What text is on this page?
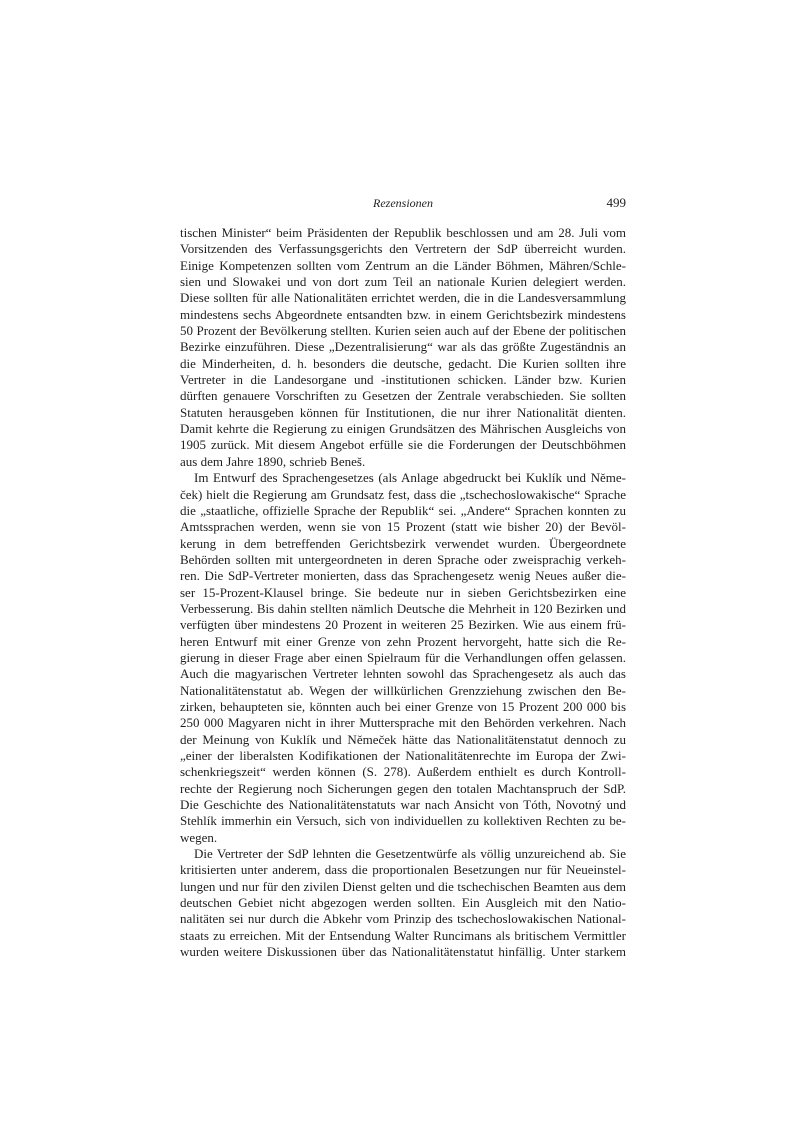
Rezensionen	499
tischen Minister“ beim Präsidenten der Republik beschlossen und am 28. Juli vom
Vorsitzenden des Verfassungsgerichts den Vertretern der SdP überreicht wurden.
Einige Kompetenzen sollten vom Zentrum an die Länder Böhmen, Mähren/Schle-
sien und Slowakei und von dort zum Teil an nationale Kurien delegiert werden.
Diese sollten für alle Nationalitäten errichtet werden, die in die Landesversammlung
mindestens sechs Abgeordnete entsandten bzw. in einem Gerichtsbezirk mindestens
50 Prozent der Bevölkerung stellten. Kurien seien auch auf der Ebene der politischen
Bezirke einzuführen. Diese „Dezentralisierung“ war als das größte Zugeständnis an
die Minderheiten, d. h. besonders die deutsche, gedacht. Die Kurien sollten ihre
Vertreter in die Landesorgane und -institutionen schicken. Länder bzw. Kurien
dürften genauere Vorschriften zu Gesetzen der Zentrale verabschieden. Sie sollten
Statuten herausgeben können für Institutionen, die nur ihrer Nationalität dienten.
Damit kehrte die Regierung zu einigen Grundsätzen des Mährischen Ausgleichs von
1905 zurück. Mit diesem Angebot erfülle sie die Forderungen der Deutschböhmen
aus dem Jahre 1890, schrieb Beneš.
Im Entwurf des Sprachengesetzes (als Anlage abgedruckt bei Kuklík und Něme-
ček) hielt die Regierung am Grundsatz fest, dass die „tschechoslowakische“ Sprache
die „staatliche, offizielle Sprache der Republik“ sei. „Andere“ Sprachen konnten zu
Amtssprachen werden, wenn sie von 15 Prozent (statt wie bisher 20) der Bevöl-
kerung in dem betreffenden Gerichtsbezirk verwendet wurden. Übergeordnete
Behörden sollten mit untergeordneten in deren Sprache oder zweisprachig verkeh-
ren. Die SdP-Vertreter monierten, dass das Sprachengesetz wenig Neues außer die-
ser 15-Prozent-Klausel bringe. Sie bedeute nur in sieben Gerichtsbezirken eine
Verbesserung. Bis dahin stellten nämlich Deutsche die Mehrheit in 120 Bezirken und
verfügten über mindestens 20 Prozent in weiteren 25 Bezirken. Wie aus einem frü-
heren Entwurf mit einer Grenze von zehn Prozent hervorgeht, hatte sich die Re-
gierung in dieser Frage aber einen Spielraum für die Verhandlungen offen gelassen.
Auch die magyarischen Vertreter lehnten sowohl das Sprachengesetz als auch das
Nationalitätenstatut ab. Wegen der willkürlichen Grenzziehung zwischen den Be-
zirken, behaupteten sie, könnten auch bei einer Grenze von 15 Prozent 200 000 bis
250 000 Magyaren nicht in ihrer Muttersprache mit den Behörden verkehren. Nach
der Meinung von Kuklík und Němeček hätte das Nationalitätenstatut dennoch zu
„einer der liberalsten Kodifikationen der Nationalitätenrechte im Europa der Zwi-
schenkriegszeit“ werden können (S. 278). Außerdem enthielt es durch Kontroll-
rechte der Regierung noch Sicherungen gegen den totalen Machtanspruch der SdP.
Die Geschichte des Nationalitätenstatuts war nach Ansicht von Tóth, Novotný und
Stehlík immerhin ein Versuch, sich von individuellen zu kollektiven Rechten zu be-
wegen.
Die Vertreter der SdP lehnten die Gesetzentwürfe als völlig unzureichend ab. Sie
kritisierten unter anderem, dass die proportionalen Besetzungen nur für Neueinstel-
lungen und nur für den zivilen Dienst gelten und die tschechischen Beamten aus dem
deutschen Gebiet nicht abgezogen werden sollten. Ein Ausgleich mit den Natio-
nalitäten sei nur durch die Abkehr vom Prinzip des tschechoslowakischen National-
staats zu erreichen. Mit der Entsendung Walter Runcimans als britischem Vermittler
wurden weitere Diskussionen über das Nationalitätenstatut hinfällig. Unter starkem
